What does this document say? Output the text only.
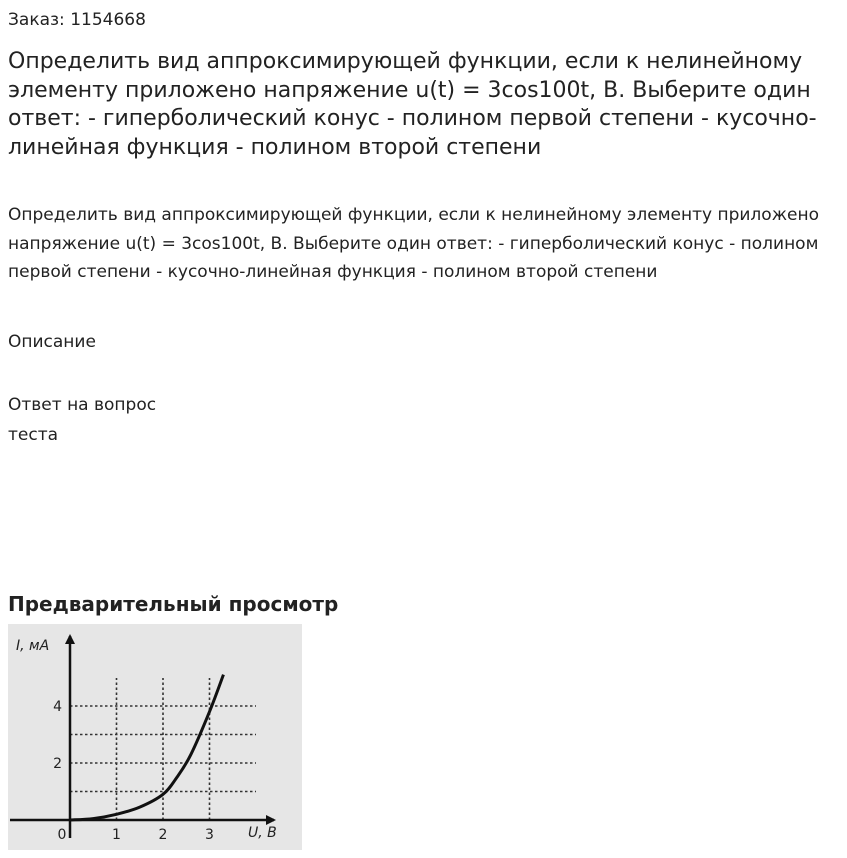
Заказ: 1154668
Определить вид аппроксимирующей функции, если к нелинейному элементу приложено напряжение u(t) = 3cos100t, В. Выберите один ответ: - гиперболический конус - полином первой степени - кусочно-линейная функция - полином второй степени

Определить вид аппроксимирующей функции, если к нелинейному элементу приложено напряжение u(t) = 3cos100t, В. Выберите один ответ: - гиперболический конус - полином первой степени - кусочно-линейная функция - полином второй степени

Описание
Ответ на вопрос теста
Предварительный просмотр
0	1	2	3
2
4
U, B
I, мА
